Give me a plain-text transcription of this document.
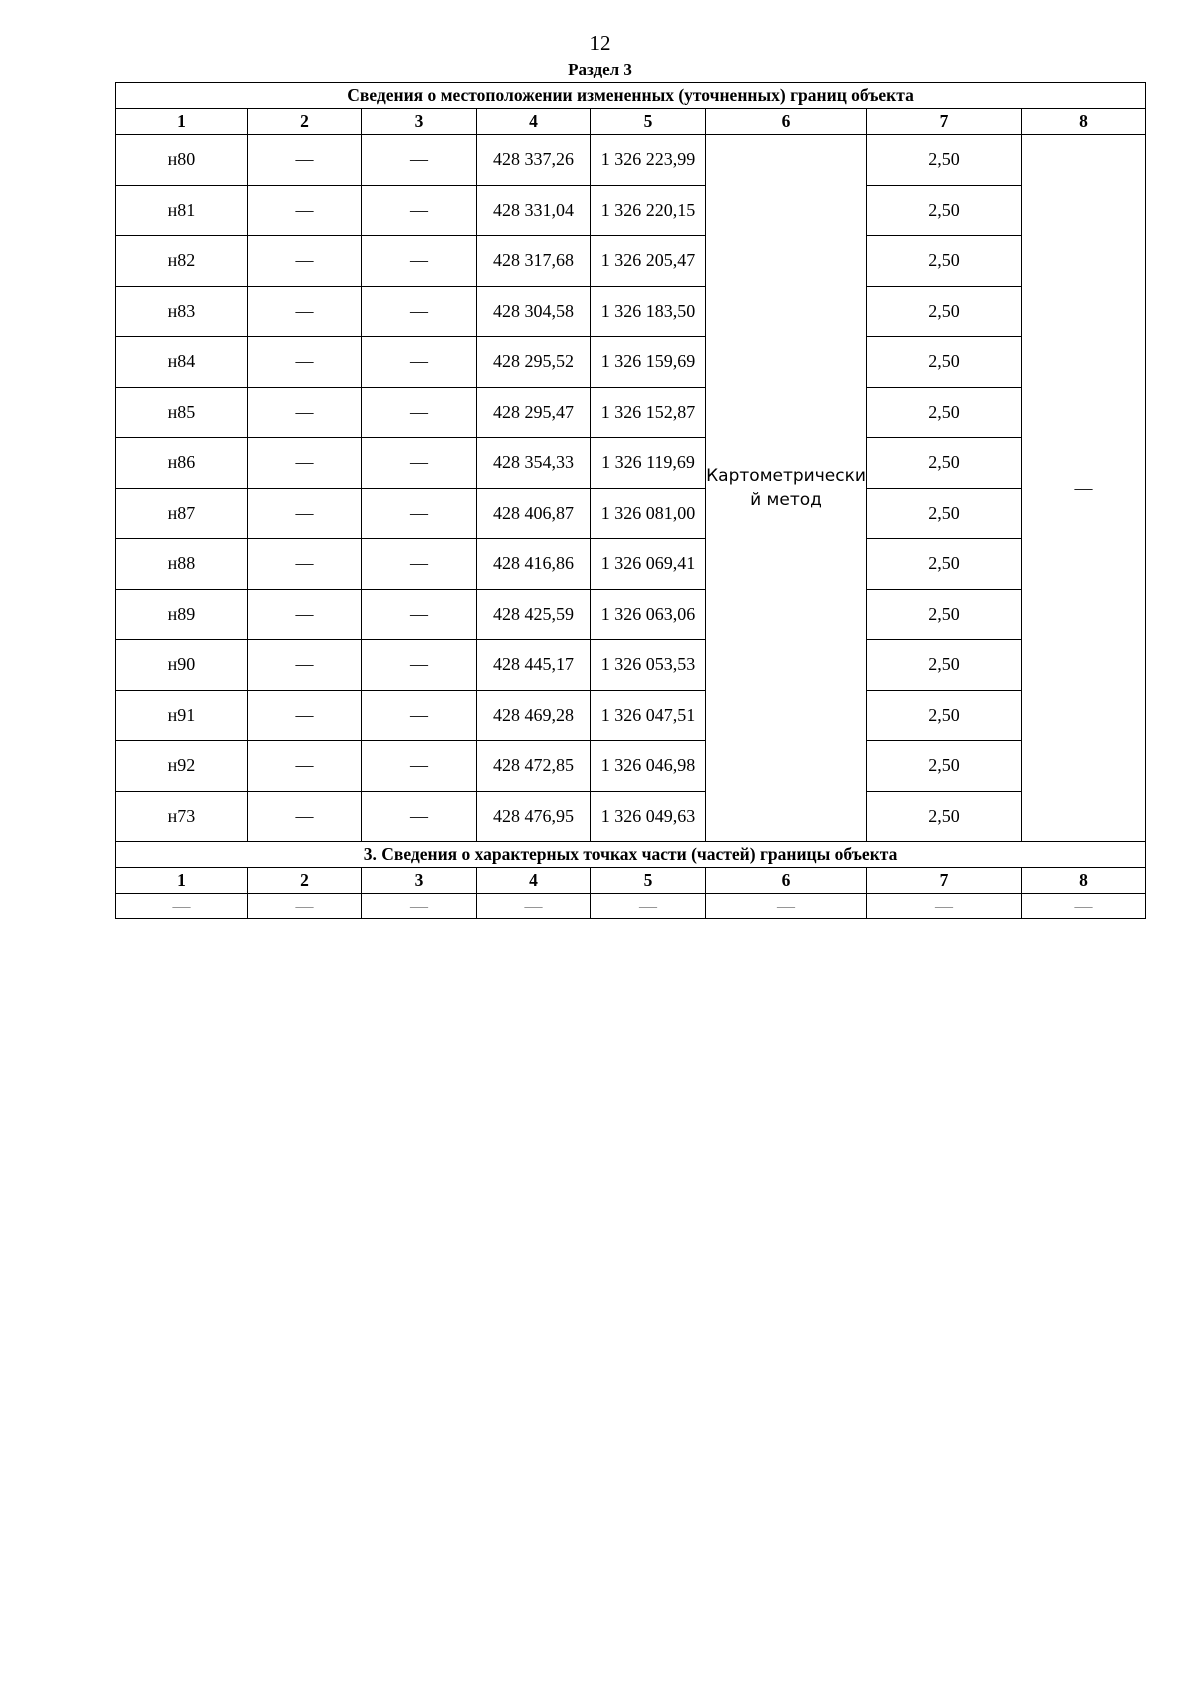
12
Раздел 3
Сведения о местоположении измененных (уточненных) границ объекта							
1	2	3	4	5	6	7	8
н80	—	—	428 337,26	1 326 223,99	Картометрически й метод	2,50	—
н81	—	—	428 331,04	1 326 220,15		2,50	
н82	—	—	428 317,68	1 326 205,47		2,50	
н83	—	—	428 304,58	1 326 183,50		2,50	
н84	—	—	428 295,52	1 326 159,69		2,50	
н85	—	—	428 295,47	1 326 152,87		2,50	
н86	—	—	428 354,33	1 326 119,69		2,50	
н87	—	—	428 406,87	1 326 081,00		2,50	
н88	—	—	428 416,86	1 326 069,41		2,50	
н89	—	—	428 425,59	1 326 063,06		2,50	
н90	—	—	428 445,17	1 326 053,53		2,50	
н91	—	—	428 469,28	1 326 047,51		2,50	
н92	—	—	428 472,85	1 326 046,98		2,50	
н73	—	—	428 476,95	1 326 049,63		2,50	
3. Сведения о характерных точках части (частей) границы объекта							
1	2	3	4	5	6	7	8
—	—	—	—	—	—	—	—
